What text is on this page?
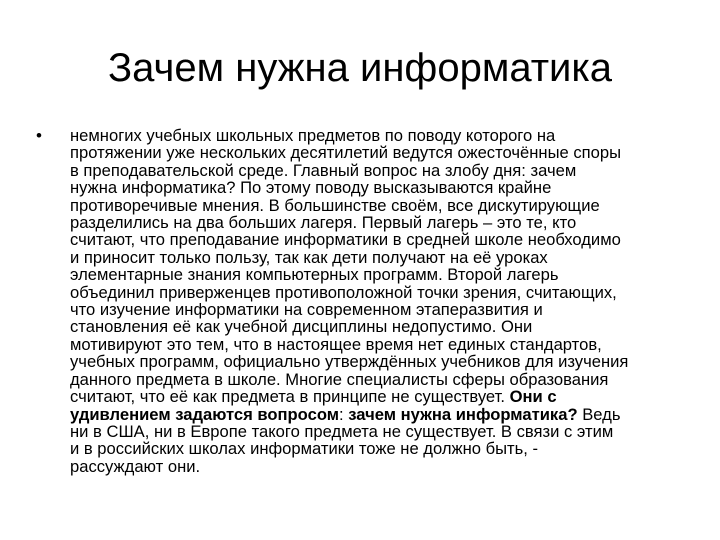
Зачем нужна информатика
• немногих учебных школьных предметов по поводу которого на
протяжении уже нескольких десятилетий ведутся ожесточённые споры
в преподавательской среде. Главный вопрос на злобу дня: зачем
нужна информатика? По этому поводу высказываются крайне
противоречивые мнения. В большинстве своём, все дискутирующие
разделились на два больших лагеря. Первый лагерь – это те, кто
считают, что преподавание информатики в средней школе необходимо
и приносит только пользу, так как дети получают на её уроках
элементарные знания компьютерных программ. Второй лагерь
объединил приверженцев противоположной точки зрения, считающих,
что изучение информатики на современном этаперазвития и
становления её как учебной дисциплины недопустимо. Они
мотивируют это тем, что в настоящее время нет единых стандартов,
учебных программ, официально утверждённых учебников для изучения
данного предмета в школе. Многие специалисты сферы образования
считают, что её как предмета в принципе не существует. Они с
удивлением задаются вопросом: зачем нужна информатика? Ведь
ни в США, ни в Европе такого предмета не существует. В связи с этим
и в российских школах информатики тоже не должно быть, -
рассуждают они.
